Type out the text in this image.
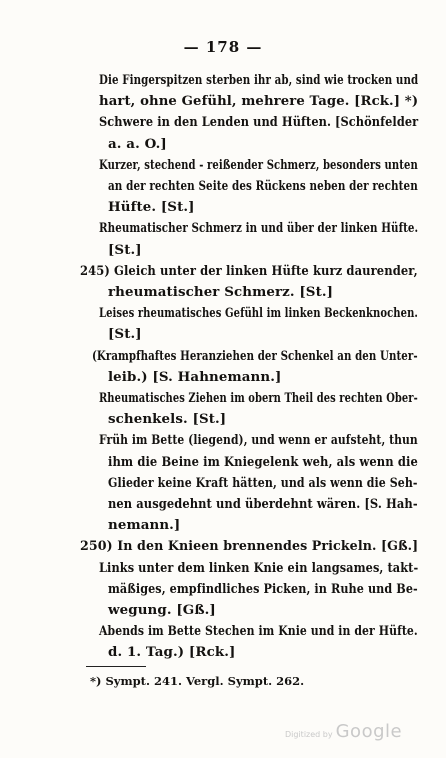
— 178 —
Die Fingerspitzen sterben ihr ab, sind wie trocken und
hart, ohne Gefühl, mehrere Tage. [Rck.] *)
Schwere in den Lenden und Hüften. [Schönfelder
a. a. O.]
Kurzer, stechend - reißender Schmerz, besonders unten
an der rechten Seite des Rückens neben der rechten
Hüfte. [St.]
Rheumatischer Schmerz in und über der linken Hüfte.
[St.]
245) Gleich unter der linken Hüfte kurz daurender,
rheumatischer Schmerz. [St.]
Leises rheumatisches Gefühl im linken Beckenknochen.
[St.]
(Krampfhaftes Heranziehen der Schenkel an den Unter-
leib.) [S. Hahnemann.]
Rheumatisches Ziehen im obern Theil des rechten Ober-
schenkels. [St.]
Früh im Bette (liegend), und wenn er aufsteht, thun
ihm die Beine im Kniegelenk weh, als wenn die
Glieder keine Kraft hätten, und als wenn die Seh-
nen ausgedehnt und überdehnt wären. [S. Hah-
nemann.]
250) In den Knieen brennendes Prickeln. [Gß.]
Links unter dem linken Knie ein langsames, takt-
mäßiges, empfindliches Picken, in Ruhe und Be-
wegung. [Gß.]
Abends im Bette Stechen im Knie und in der Hüfte.
d. 1. Tag.) [Rck.]
*) Sympt. 241. Vergl. Sympt. 262.
Digitized by Google
